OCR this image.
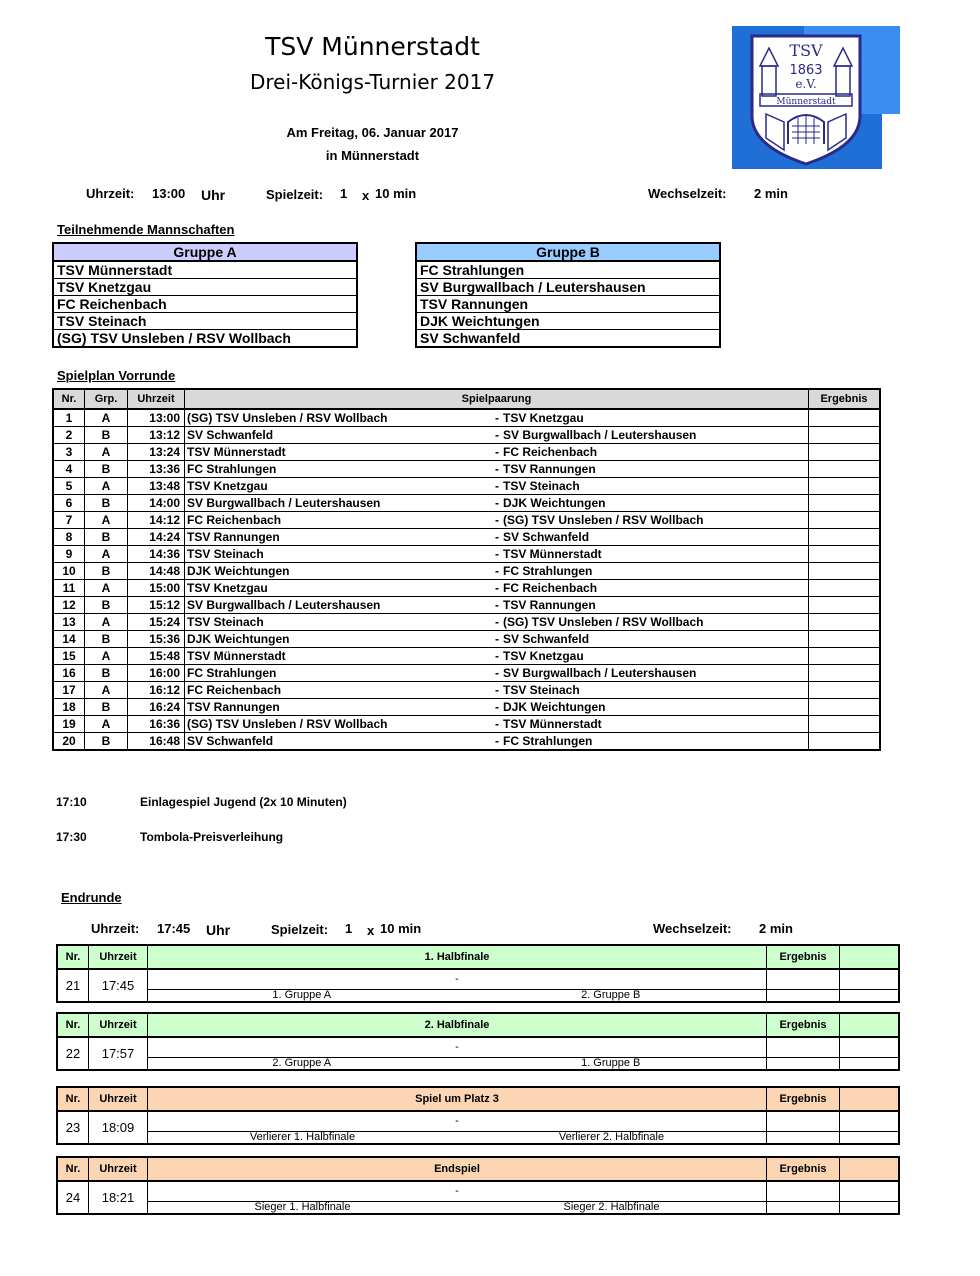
TSV Münnerstadt
Drei-Königs-Turnier 2017
Am Freitag, 06. Januar 2017
in Münnerstadt
TSV
1863
e.V.
Münnerstadt
Uhrzeit: 13:00 Uhr	Spielzeit: 1 x 10 min	Wechselzeit: 2 min
Teilnehmende Mannschaften
Gruppe A
TSV Münnerstadt
TSV Knetzgau
FC Reichenbach
TSV Steinach
(SG) TSV Unsleben / RSV Wollbach
Gruppe B
FC Strahlungen
SV Burgwallbach / Leutershausen
TSV Rannungen
DJK Weichtungen
SV Schwanfeld
Spielplan Vorrunde
Nr.	Grp.	Uhrzeit	Spielpaarung			Ergebnis
1	A	13:00	(SG) TSV Unsleben / RSV Wollbach	-	TSV Knetzgau	
2	B	13:12	SV Schwanfeld	-	SV Burgwallbach / Leutershausen	
3	A	13:24	TSV Münnerstadt	-	FC Reichenbach	
4	B	13:36	FC Strahlungen	-	TSV Rannungen	
5	A	13:48	TSV Knetzgau	-	TSV Steinach	
6	B	14:00	SV Burgwallbach / Leutershausen	-	DJK Weichtungen	
7	A	14:12	FC Reichenbach	-	(SG) TSV Unsleben / RSV Wollbach	
8	B	14:24	TSV Rannungen	-	SV Schwanfeld	
9	A	14:36	TSV Steinach	-	TSV Münnerstadt	
10	B	14:48	DJK Weichtungen	-	FC Strahlungen	
11	A	15:00	TSV Knetzgau	-	FC Reichenbach	
12	B	15:12	SV Burgwallbach / Leutershausen	-	TSV Rannungen	
13	A	15:24	TSV Steinach	-	(SG) TSV Unsleben / RSV Wollbach	
14	B	15:36	DJK Weichtungen	-	SV Schwanfeld	
15	A	15:48	TSV Münnerstadt	-	TSV Knetzgau	
16	B	16:00	FC Strahlungen	-	SV Burgwallbach / Leutershausen	
17	A	16:12	FC Reichenbach	-	TSV Steinach	
18	B	16:24	TSV Rannungen	-	DJK Weichtungen	
19	A	16:36	(SG) TSV Unsleben / RSV Wollbach	-	TSV Münnerstadt	
20	B	16:48	SV Schwanfeld	-	FC Strahlungen	
17:10	Einlagespiel Jugend (2x 10 Minuten)
17:30	Tombola-Preisverleihung
Endrunde
Uhrzeit: 17:45 Uhr	Spielzeit: 1 x 10 min	Wechselzeit: 2 min
Nr.	Uhrzeit	1. Halbfinale		Ergebnis	
21	17:45	-			
		1. Gruppe A	2. Gruppe B		
Nr.	Uhrzeit	2. Halbfinale		Ergebnis	
22	17:57	-			
		2. Gruppe A	1. Gruppe B		
Nr.	Uhrzeit	Spiel um Platz 3		Ergebnis	
23	18:09	-			
		Verlierer 1. Halbfinale	Verlierer 2. Halbfinale		
Nr.	Uhrzeit	Endspiel		Ergebnis	
24	18:21	-			
		Sieger 1. Halbfinale	Sieger 2. Halbfinale		
